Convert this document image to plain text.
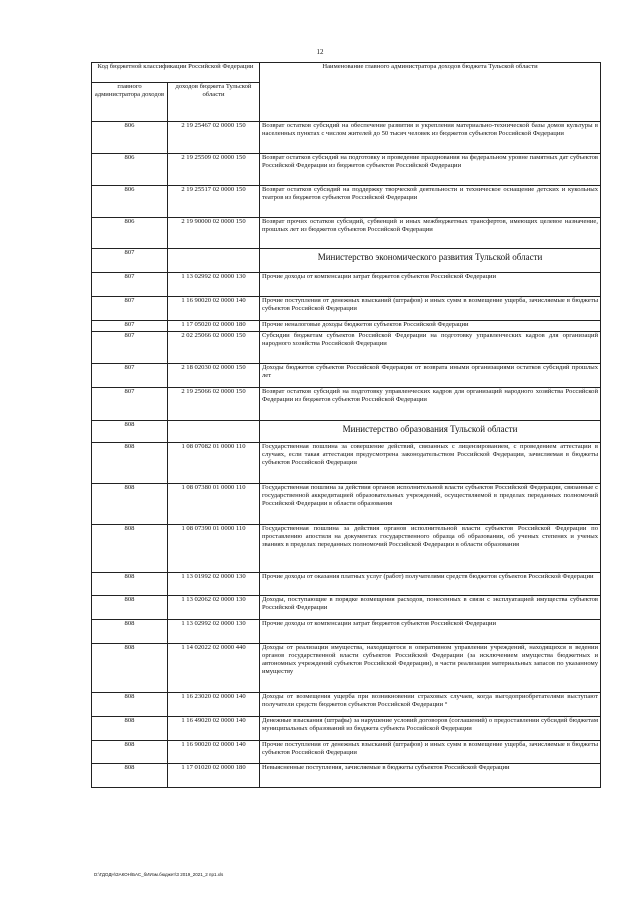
12
Код бюджетной классификации Российской Федерации		Наименование главного администратора доходов бюджета Тульской области
главного администратора доходов	доходов бюджета Тульской области	
806	2 19 25467 02 0000 150	Возврат остатков субсидий на обеспечение развития и укрепления материально-технической базы домов культуры в населенных пунктах с числом жителей до 50 тысяч человек из бюджетов субъектов Российской Федерации
806	2 19 25509 02 0000 150	Возврат остатков субсидий на подготовку и проведение празднования на федеральном уровне памятных дат субъектов Российской Федерации из бюджетов субъектов Российской Федерации
806	2 19 25517 02 0000 150	Возврат остатков субсидий на поддержку творческой деятельности и техническое оснащение детских и кукольных театров из бюджетов субъектов Российской Федерации
806	2 19 90000 02 0000 150	Возврат прочих остатков субсидий, субвенций и иных межбюджетных трансфертов, имеющих целевое назначение, прошлых лет из бюджетов субъектов Российской Федерации
807		Министерство экономического развития Тульской области
807	1 13 02992 02 0000 130	Прочие доходы от компенсации затрат бюджетов субъектов Российской Федерации
807	1 16 90020 02 0000 140	Прочие поступления от денежных взысканий (штрафов) и иных сумм в возмещение ущерба, зачисляемые в бюджеты субъектов Российской Федерации
807	1 17 05020 02 0000 180	Прочие неналоговые доходы бюджетов субъектов Российской Федерации
807	2 02 25066 02 0000 150	Субсидии бюджетам субъектов Российской Федерации на подготовку управленческих кадров для организаций народного хозяйства Российской Федерации
807	2 18 02030 02 0000 150	Доходы бюджетов субъектов Российской Федерации от возврата иными организациями остатков субсидий прошлых лет
807	2 19 25066 02 0000 150	Возврат остатков субсидий на подготовку управленческих кадров для организаций народного хозяйства Российской Федерации из бюджетов субъектов Российской Федерации
808		Министерство образования Тульской области
808	1 08 07082 01 0000 110	Государственная пошлина за совершение действий, связанных с лицензированием, с проведением аттестации в случаях, если такая аттестация предусмотрена законодательством Российской Федерации, зачисляемая в бюджеты субъектов Российской Федерации
808	1 08 07380 01 0000 110	Государственная пошлина за действия органов исполнительной власти субъектов Российской Федерации, связанные с государственной аккредитацией образовательных учреждений, осуществляемой в пределах переданных полномочий Российской Федерации в области образования
808	1 08 07390 01 0000 110	Государственная пошлина за действия органов исполнительной власти субъектов Российской Федерации по проставлению апостиля на документах государственного образца об образовании, об ученых степенях и ученых званиях в пределах переданных полномочий Российской Федерации в области образования
808	1 13 01992 02 0000 130	Прочие доходы от оказания платных услуг (работ) получателями средств бюджетов субъектов Российской Федерации
808	1 13 02062 02 0000 130	Доходы, поступающие в порядке возмещения расходов, понесенных в связи с эксплуатацией имущества субъектов Российской Федерации
808	1 13 02992 02 0000 130	Прочие доходы от компенсации затрат бюджетов субъектов Российской Федерации
808	1 14 02022 02 0000 440	Доходы от реализации имущества, находящегося в оперативном управлении учреждений, находящихся в ведении органов государственной власти субъектов Российской Федерации (за исключением имущества бюджетных и автономных учреждений субъектов Российской Федерации), в части реализации материальных запасов по указанному имуществу
808	1 16 23020 02 0000 140	Доходы от возмещения ущерба при возникновении страховых случаев, когда выгодоприобретателями выступают получатели средств бюджетов субъектов Российской Федерации °
808	1 16 49020 02 0000 140	Денежные взыскания (штрафы) за нарушение условий договоров (соглашений) о предоставлении субсидий бюджетам муниципальных образований из бюджета субъекта Российской Федерации
808	1 16 90020 02 0000 140	Прочие поступления от денежных взысканий (штрафов) и иных сумм в возмещение ущерба, зачисляемые в бюджеты субъектов Российской Федерации
808	1 17 01020 02 0000 180	Невыясненные поступления, зачисляемые в бюджеты субъектов Российской Федерации
D:\ГДОДН\ЗАКОН\БАС_бИИзм.бюджет\З 2019_2021_2 пр1.xls
